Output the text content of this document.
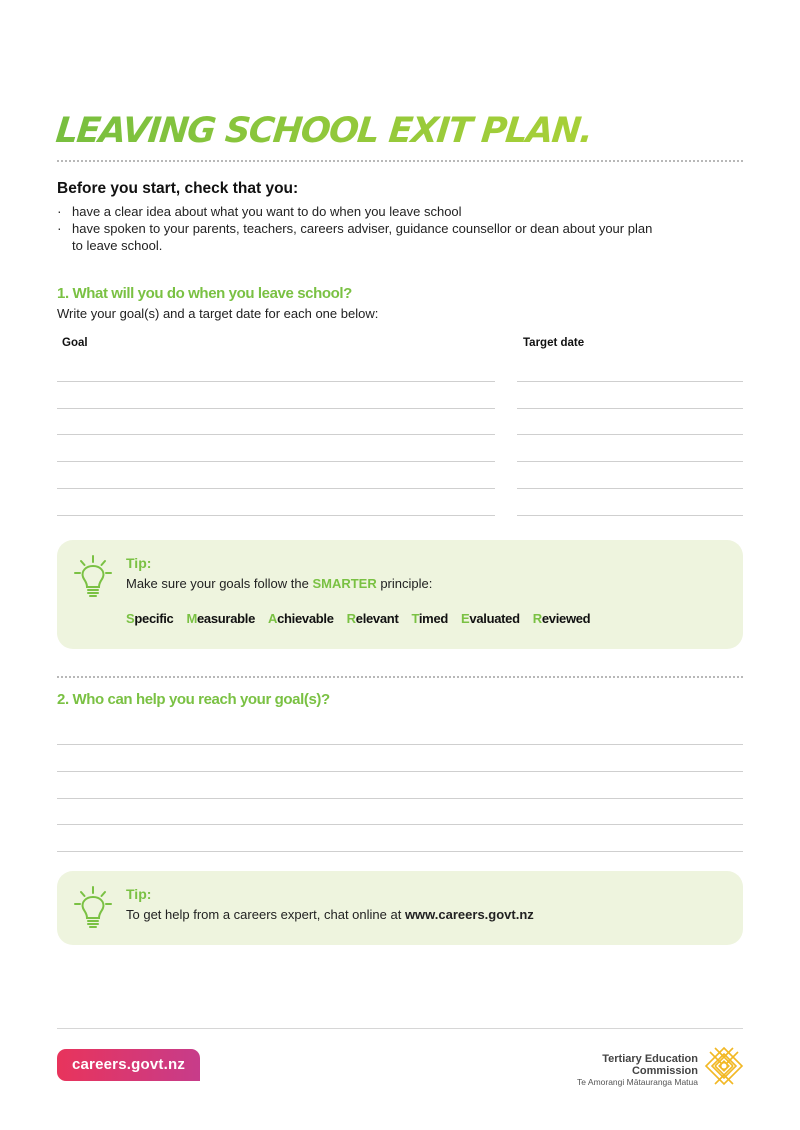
LEAVING SCHOOL EXIT PLAN.
Before you start, check that you:
· have a clear idea about what you want to do when you leave school
· have spoken to your parents, teachers, careers adviser, guidance counsellor or dean about your plan to leave school.
1. What will you do when you leave school?
Write your goal(s) and a target date for each one below:
Goal	Target date
Tip:
Make sure your goals follow the SMARTER principle:
Specific Measurable Achievable Relevant Timed Evaluated Reviewed
2. Who can help you reach your goal(s)?
Tip:
To get help from a careers expert, chat online at www.careers.govt.nz
careers.govt.nz	Tertiary Education
Commission
Te Amorangi Mātauranga Matua
